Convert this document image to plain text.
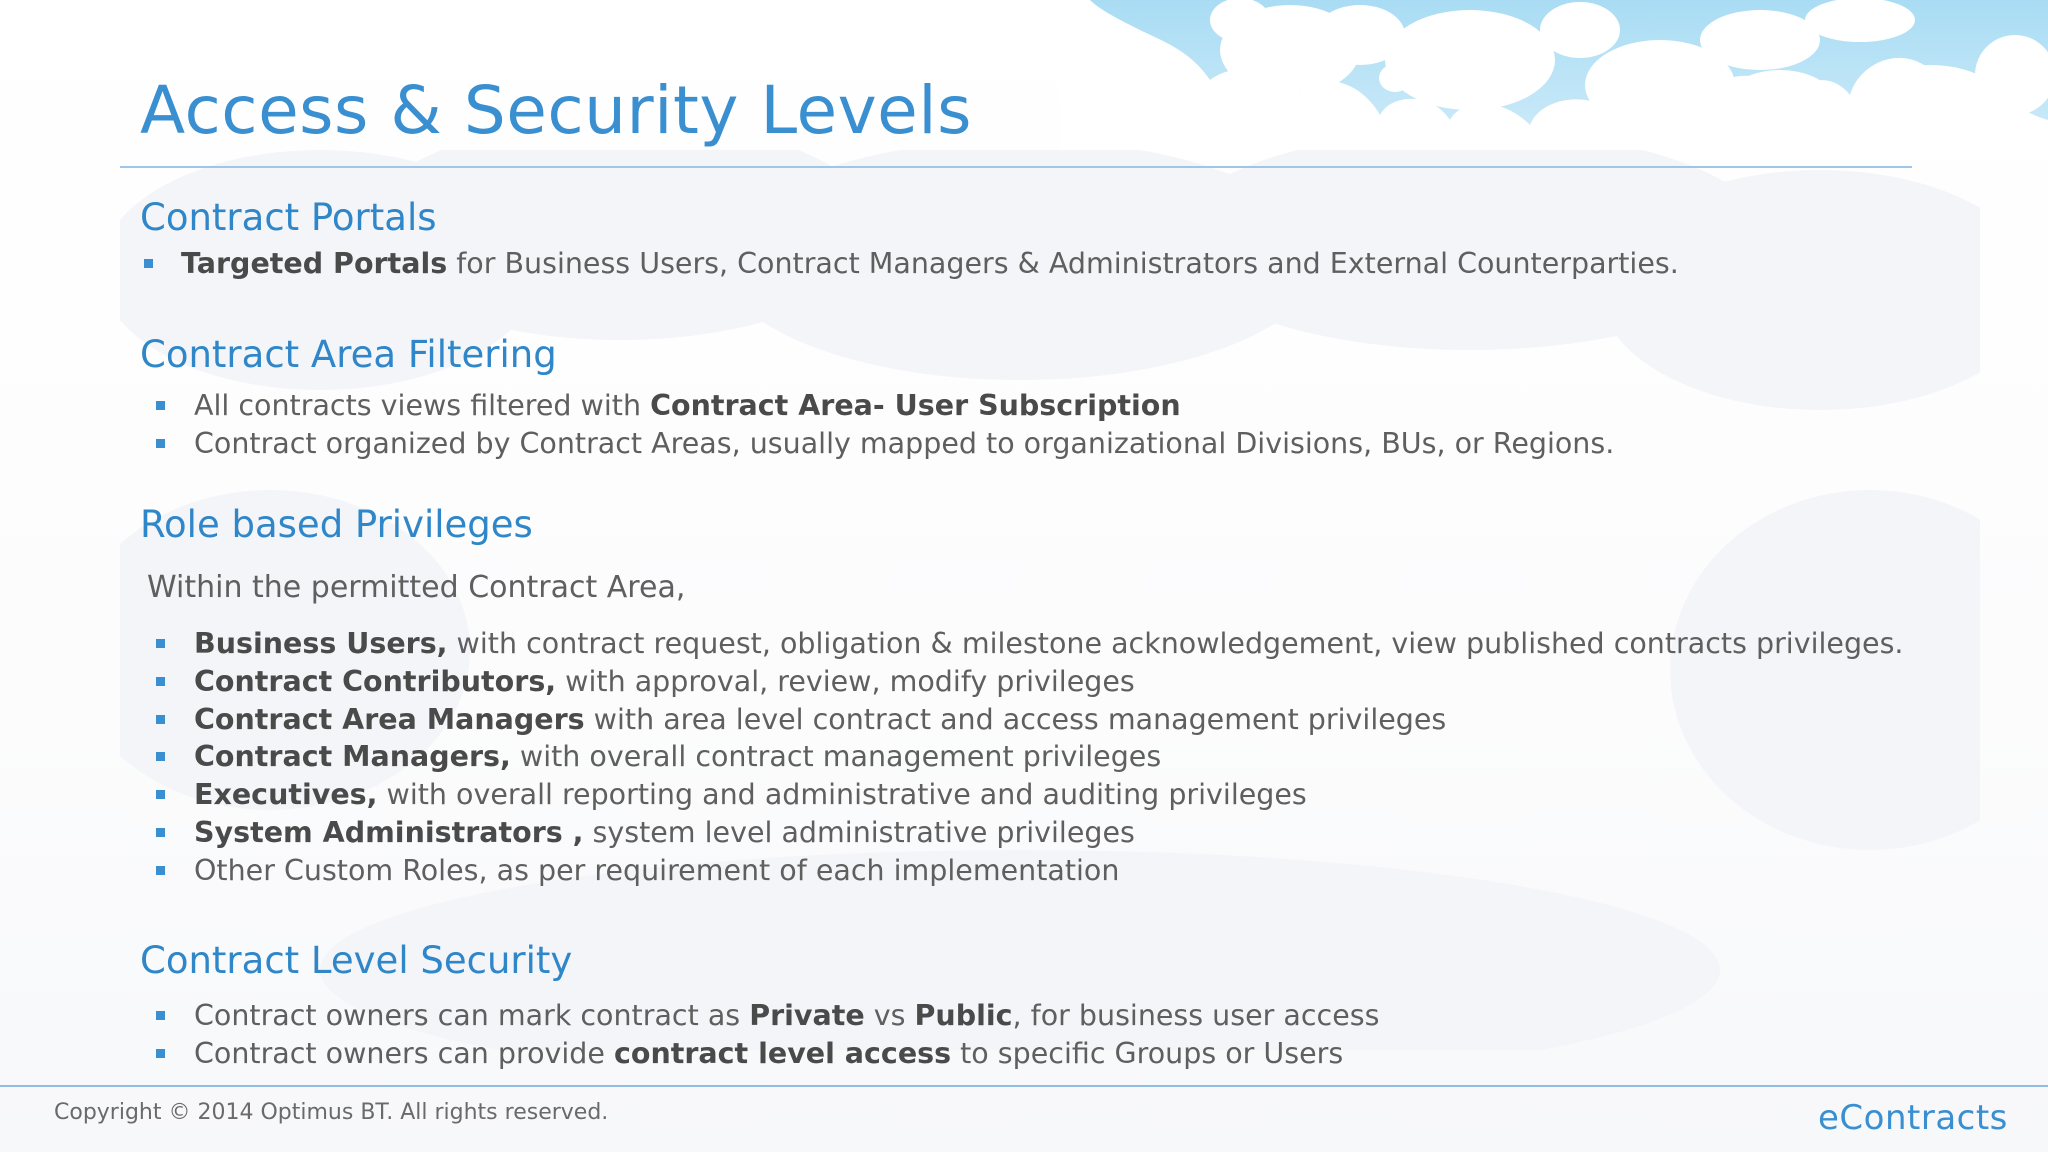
Access & Security Levels
Contract Portals
Targeted Portals for Business Users, Contract Managers & Administrators and External Counterparties.
Contract Area Filtering
All contracts views filtered with Contract Area- User Subscription
Contract organized by Contract Areas, usually mapped to organizational Divisions, BUs, or Regions.
Role based Privileges

Within the permitted Contract Area,

Business Users, with contract request, obligation & milestone acknowledgement, view published contracts privileges.
Contract Contributors, with approval, review, modify privileges
Contract Area Managers with area level contract and access management privileges
Contract Managers, with overall contract management privileges
Executives, with overall reporting and administrative and auditing privileges
System Administrators , system level administrative privileges
Other Custom Roles, as per requirement of each implementation
Contract Level Security
Contract owners can mark contract as Private vs Public, for business user access
Contract owners can provide contract level access to specific Groups or Users

Copyright © 2014 Optimus BT. All rights reserved.	eContracts
